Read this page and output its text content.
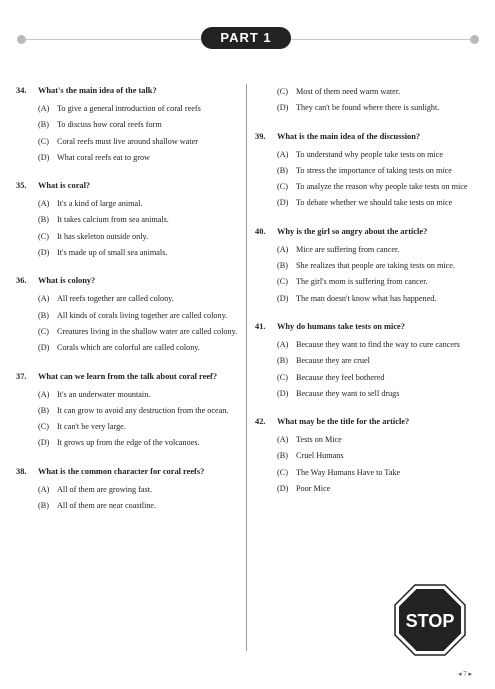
PART 1
34.	What's the main idea of the talk?
(A) To give a general introduction of coral reefs
(B) To discuss how coral reefs form
(C) Coral reefs must live around shallow water
(D) What coral reefs eat to grow
35.	What is coral?
(A) It's a kind of large animal.
(B) It takes calcium from sea animals.
(C) It has skeleton outside only.
(D) It's made up of small sea animals.
36.	What is colony?
(A) All reefs together are called colony.
(B) All kinds of corals living together are called colony.
(C) Creatures living in the shallow water are called colony.
(D) Corals which are colorful are called colony.
37.	What can we learn from the talk about coral reef?
(A) It's an underwater mountain.
(B) It can grow to avoid any destruction from the ocean.
(C) It can't be very large.
(D) It grows up from the edge of the volcanoes.
38.	What is the common character for coral reefs?
(A) All of them are growing fast.
(B) All of them are near coastline.
(C) Most of them need warm water.
(D) They can't be found where there is sunlight.
39.	What is the main idea of the discussion?
(A) To understand why people take tests on mice
(B) To stress the importance of taking tests on mice
(C) To analyze the reason why people take tests on mice
(D) To debate whether we should take tests on mice
40.	Why is the girl so angry about the article?
(A) Mice are suffering from cancer.
(B) She realizes that people are taking tests on mice.
(C) The girl's mom is suffering from cancer.
(D) The man doesn't know what has happened.
41.	Why do humans take tests on mice?
(A) Because they want to find the way to cure cancers
(B) Because they are cruel
(C) Because they feel bothered
(D) Because they want to sell drugs
42.	What may be the title for the article?
(A) Tests on Mice
(B) Cruel Humans
(C) The Way Humans Have to Take
(D) Poor Mice
STOP
◂ 7 ▸
